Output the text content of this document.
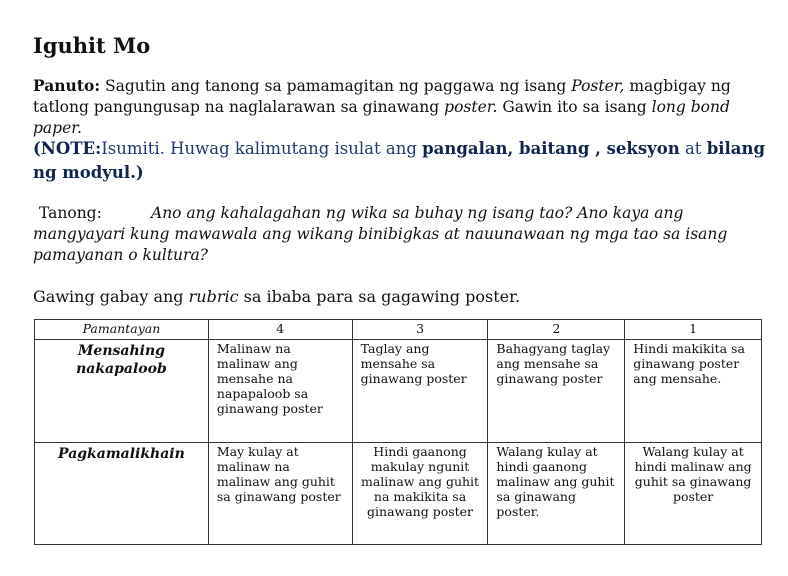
Iguhit Mo

Panuto: Sagutin ang tanong sa pamamagitan ng paggawa ng isang Poster, magbigay ng tatlong pangungusap na naglalarawan sa ginawang poster. Gawin ito sa isang long bond paper.

(NOTE:Isumiti. Huwag kalimutang isulat ang pangalan, baitang , seksyon at bilang ng modyul.)

Tanong:	Ano ang kahalagahan ng wika sa buhay ng isang tao? Ano kaya ang mangyayari kung mawawala ang wikang binibigkas at nauunawaan ng mga tao sa isang pamayanan o kultura?

Gawing gabay ang rubric sa ibaba para sa gagawing poster.

Pamantayan	4	3	2	1
Mensahing nakapaloob	Malinaw na malinaw ang mensahe na napapaloob sa ginawang poster	Taglay ang mensahe sa ginawang poster	Bahagyang taglay ang mensahe sa ginawang poster	Hindi makikita sa ginawang poster ang mensahe.
Pagkamalikhain	May kulay at malinaw na malinaw ang guhit sa ginawang poster	Hindi gaanong makulay ngunit malinaw ang guhit na makikita sa ginawang poster	Walang kulay at hindi gaanong malinaw ang guhit sa ginawang poster.	Walang kulay at hindi malinaw ang guhit sa ginawang poster
